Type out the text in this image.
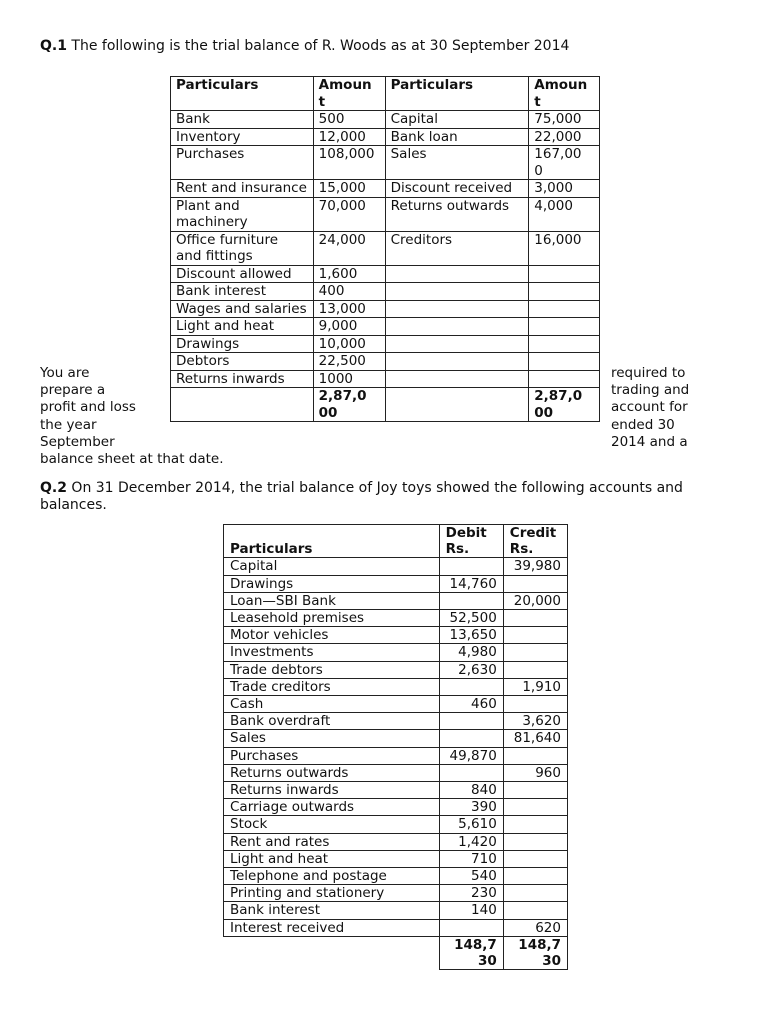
Q.1 The following is the trial balance of R. Woods as at 30 September 2014
Particulars	Amoun t	Particulars	Amoun t
Bank	500	Capital	75,000
Inventory	12,000	Bank loan	22,000
Purchases	108,000	Sales	167,00 0
Rent and insurance	15,000	Discount received	3,000
Plant and machinery	70,000	Returns outwards	4,000
Office furniture and fittings	24,000	Creditors	16,000
Discount allowed	1,600		
Bank interest	400		
Wages and salaries	13,000		
Light and heat	9,000		
Drawings	10,000		
Debtors	22,500		
Returns inwards	1000		
	2,87,0 00		2,87,0 00
You are
prepare a
profit and loss
the year
September
required to
trading and
account for
ended 30
2014 and a
balance sheet at that date.
Q.2 On 31 December 2014, the trial balance of Joy toys showed the following accounts and
balances.
Particulars	Debit Rs.	Credit Rs.
Capital		39,980
Drawings	14,760	
Loan—SBI Bank		20,000
Leasehold premises	52,500	
Motor vehicles	13,650	
Investments	4,980	
Trade debtors	2,630	
Trade creditors		1,910
Cash	460	
Bank overdraft		3,620
Sales		81,640
Purchases	49,870	
Returns outwards		960
Returns inwards	840	
Carriage outwards	390	
Stock	5,610	
Rent and rates	1,420	
Light and heat	710	
Telephone and postage	540	
Printing and stationery	230	
Bank interest	140	
Interest received		620
	148,7 30	148,7 30
